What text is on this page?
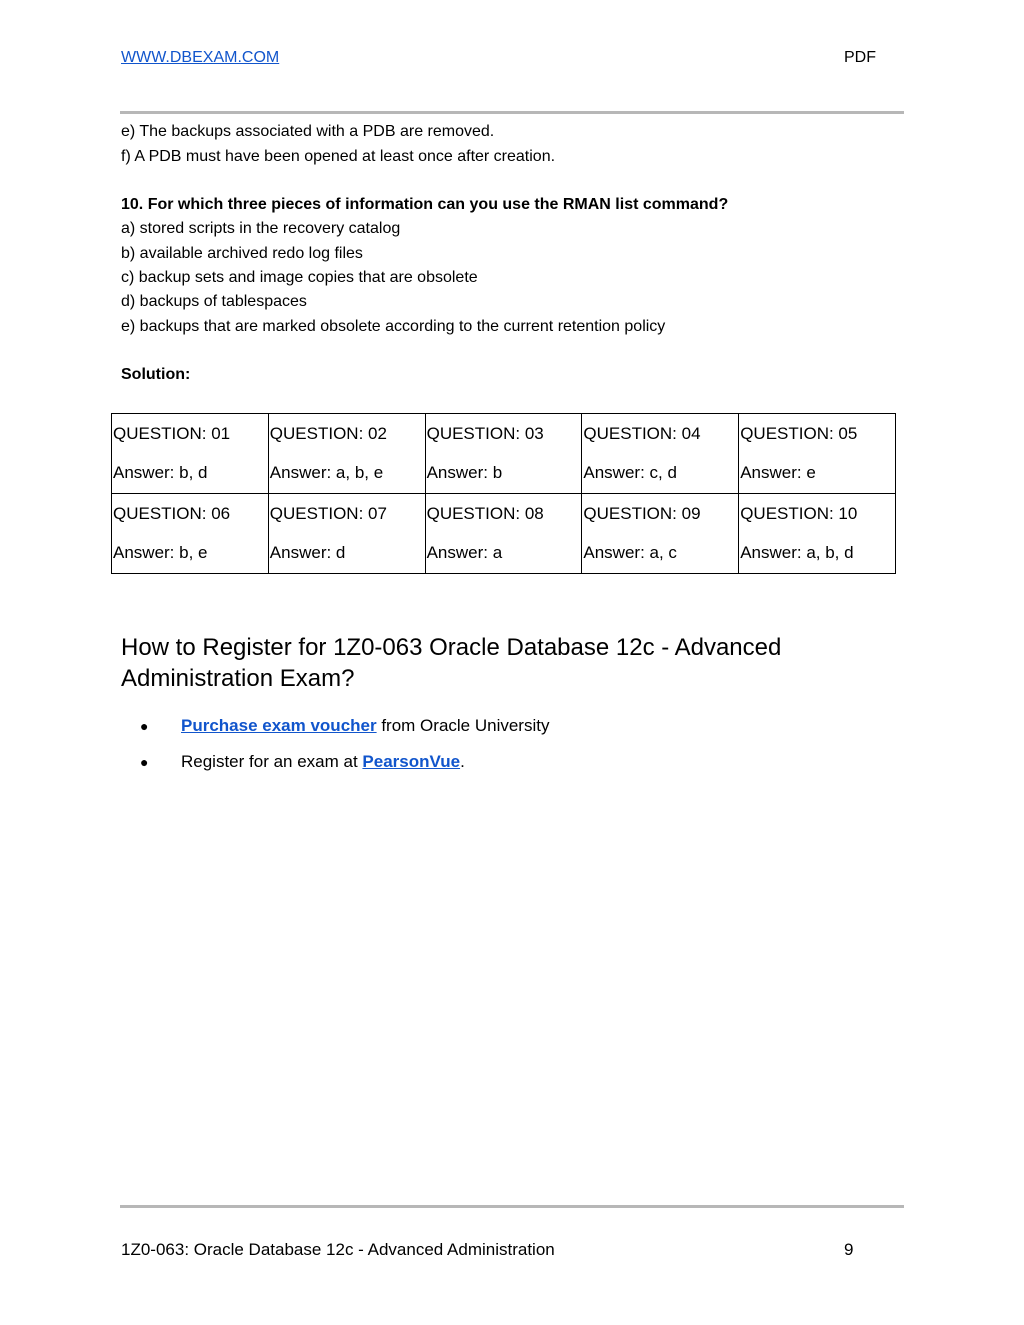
WWW.DBEXAM.COM	PDF
e) The backups associated with a PDB are removed.
f) A PDB must have been opened at least once after creation.
10. For which three pieces of information can you use the RMAN list command?
a) stored scripts in the recovery catalog
b) available archived redo log files
c) backup sets and image copies that are obsolete
d) backups of tablespaces
e) backups that are marked obsolete according to the current retention policy
Solution:
QUESTION: 01
Answer: b, d	QUESTION: 02
Answer: a, b, e	QUESTION: 03
Answer: b	QUESTION: 04
Answer: c, d	QUESTION: 05
Answer: e

QUESTION: 06
Answer: b, e	QUESTION: 07
Answer: d	QUESTION: 08
Answer: a	QUESTION: 09
Answer: a, c	QUESTION: 10
Answer: a, b, d
How to Register for 1Z0-063 Oracle Database 12c - Advanced Administration Exam?
● Purchase exam voucher from Oracle University
● Register for an exam at PearsonVue.
1Z0-063: Oracle Database 12c - Advanced Administration	9
